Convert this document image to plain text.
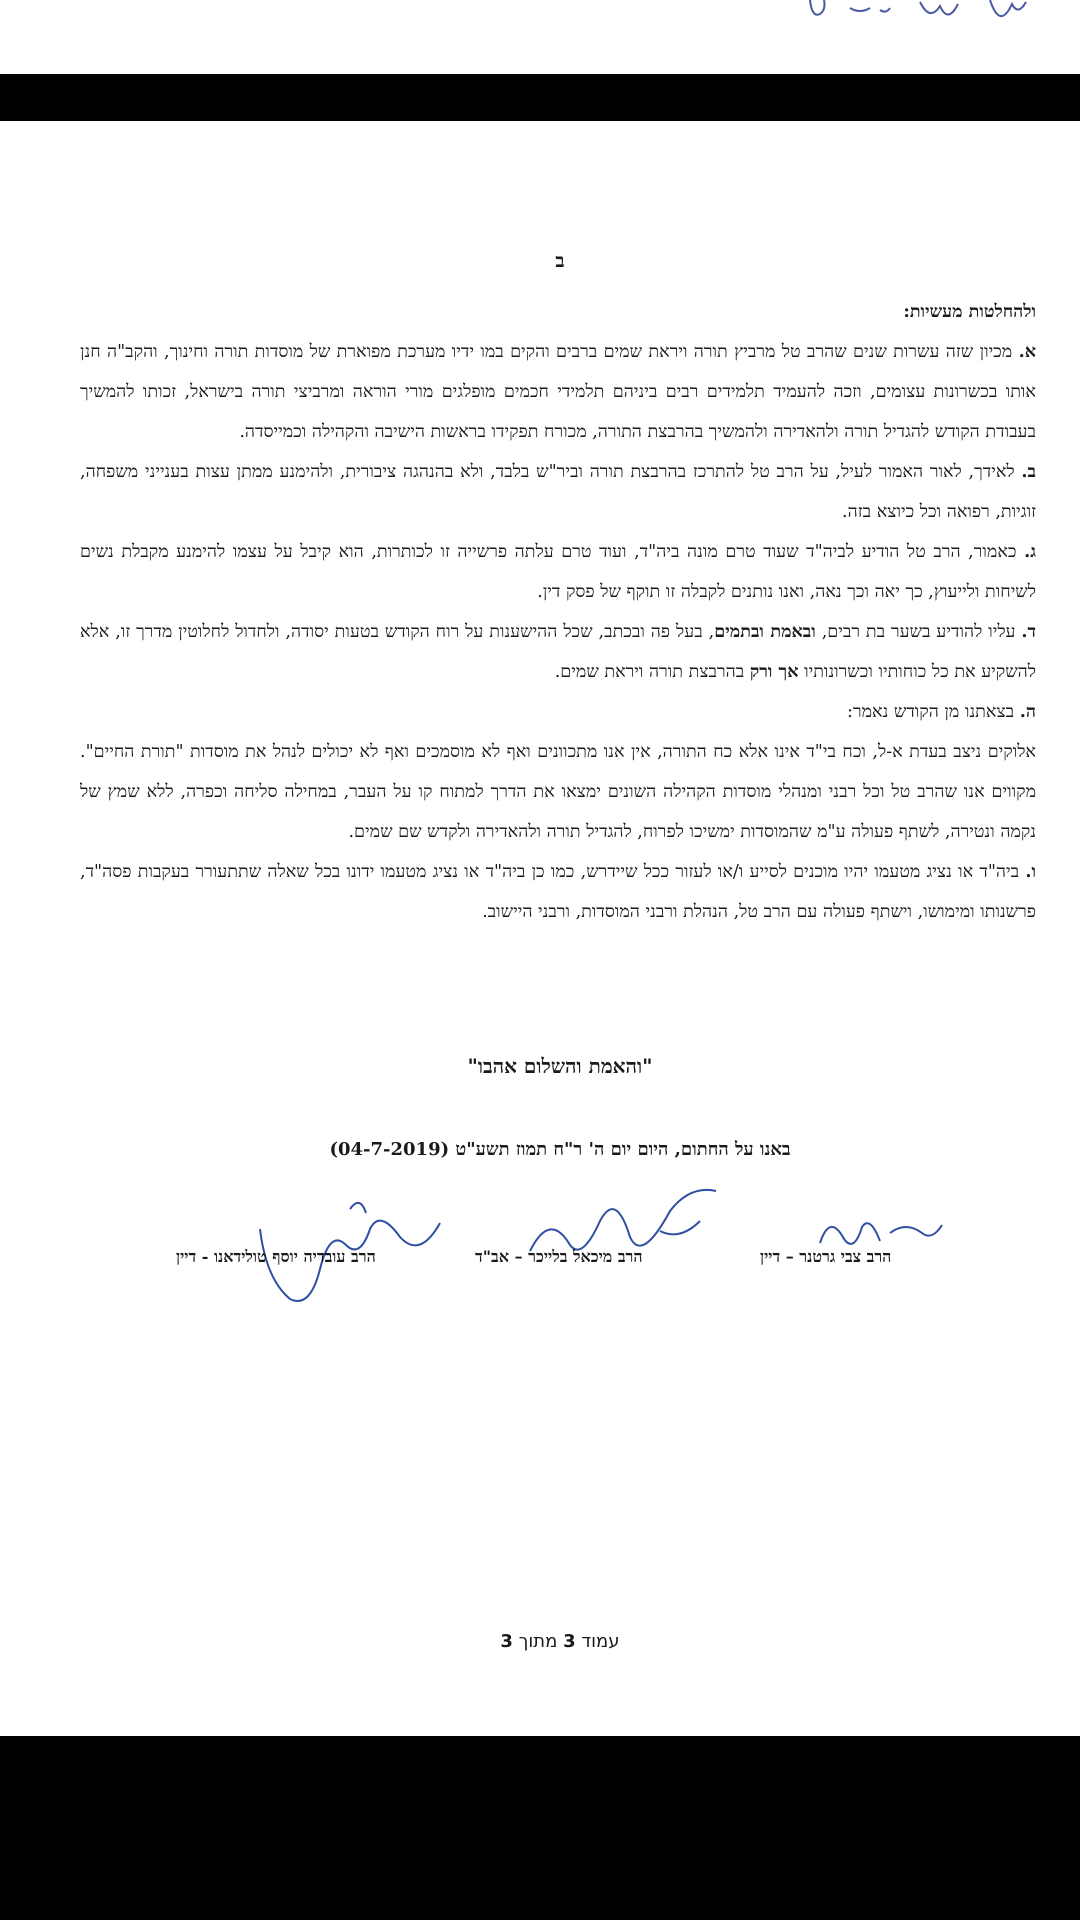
ב

ולהחלטות מעשיות:

א. מכיון שזה עשרות שנים שהרב טל מרביץ תורה ויראת שמים ברבים והקים במו ידיו מערכת מפוארת של מוסדות תורה וחינוך, והקב"ה חנן אותו בכשרונות עצומים, וזכה להעמיד תלמידים רבים ביניהם תלמידי חכמים מופלגים מורי הוראה ומרביצי תורה בישראל, זכותו להמשיך בעבודת הקודש להגדיל תורה ולהאדירה ולהמשיך בהרבצת התורה, מכורח תפקידו בראשות הישיבה והקהילה וכמייסדה.

ב. לאידך, לאור האמור לעיל, על הרב טל להתרכז בהרבצת תורה וביר"ש בלבד, ולא בהנהגה ציבורית, ולהימנע ממתן עצות בענייני משפחה, זוגיות, רפואה וכל כיוצא בזה.

ג. כאמור, הרב טל הודיע לביה"ד שעוד טרם מונה ביה"ד, ועוד טרם עלתה פרשייה זו לכותרות, הוא קיבל על עצמו להימנע מקבלת נשים לשיחות ולייעוץ, כך יאה וכך נאה, ואנו נותנים לקבלה זו תוקף של פסק דין.

ד. עליו להודיע בשער בת רבים, ובאמת ובתמים, בעל פה ובכתב, שכל ההישענות על רוח הקודש בטעות יסודה, ולחדול לחלוטין מדרך זו, אלא להשקיע את כל כוחותיו וכשרונותיו אך ורק בהרבצת תורה ויראת שמים.

ה. בצאתנו מן הקודש נאמר:

אלוקים ניצב בעדת א-ל, וכח בי"ד אינו אלא כח התורה, אין אנו מתכוונים ואף לא מוסמכים ואף לא יכולים לנהל את מוסדות "תורת החיים". מקווים אנו שהרב טל וכל רבני ומנהלי מוסדות הקהילה השונים ימצאו את הדרך למתוח קו על העבר, במחילה סליחה וכפרה, ללא שמץ של נקמה ונטירה, לשתף פעולה ע"מ שהמוסדות ימשיכו לפרוח, להגדיל תורה ולהאדירה ולקדש שם שמים.

ו. ביה"ד או נציג מטעמו יהיו מוכנים לסייע ו/או לעזור ככל שיידרש, כמו כן ביה"ד או נציג מטעמו ידונו בכל שאלה שתתעורר בעקבות פסה"ד, פרשנותו ומימושו, וישתף פעולה עם הרב טל, הנהלת ורבני המוסדות, ורבני היישוב.

"והאמת והשלום אהבו"
באנו על החתום, היום יום ה' ר"ח תמוז תשע"ט (04-7-2019)
הרב צבי גרטנר – דיין
הרב מיכאל בלייכר – אב"ד
הרב עובדיה יוסף טולידאנו - דיין
עמוד 3 מתוך 3
